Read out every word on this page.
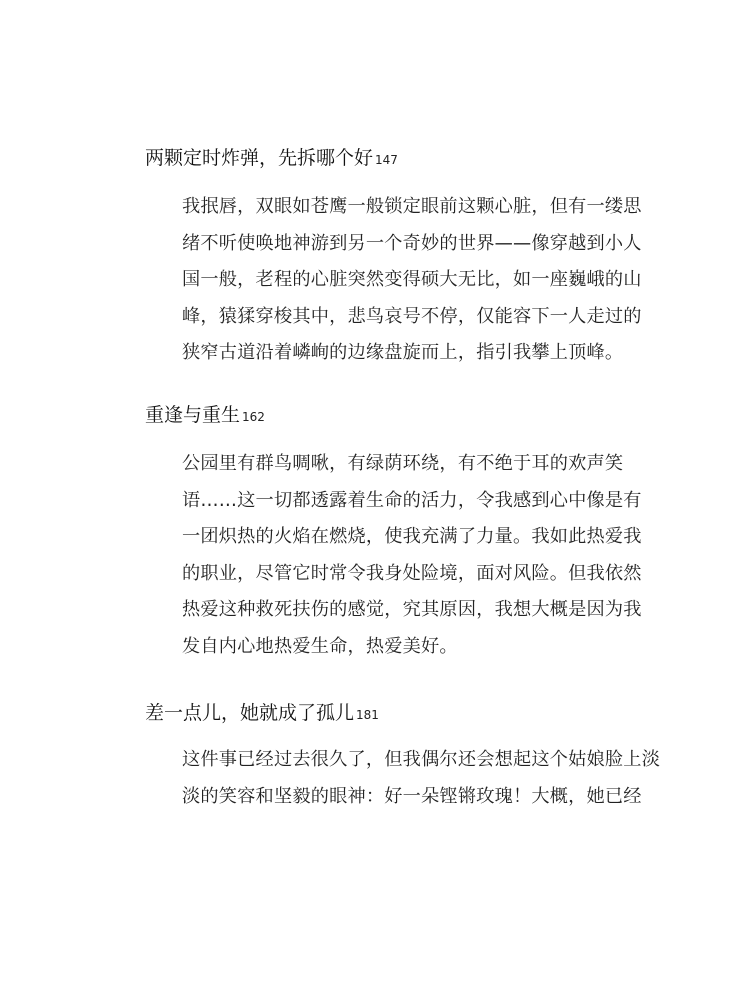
两颗定时炸弹，先拆哪个好 147

我抿唇，双眼如苍鹰一般锁定眼前这颗心脏，但有一缕思
绪不听使唤地神游到另一个奇妙的世界——像穿越到小人
国一般，老程的心脏突然变得硕大无比，如一座巍峨的山
峰，猿猱穿梭其中，悲鸟哀号不停，仅能容下一人走过的
狭窄古道沿着嶙峋的边缘盘旋而上，指引我攀上顶峰。

重逢与重生 162

公园里有群鸟啁啾，有绿荫环绕，有不绝于耳的欢声笑
语……这一切都透露着生命的活力，令我感到心中像是有
一团炽热的火焰在燃烧，使我充满了力量。我如此热爱我
的职业，尽管它时常令我身处险境，面对风险。但我依然
热爱这种救死扶伤的感觉，究其原因，我想大概是因为我
发自内心地热爱生命，热爱美好。

差一点儿，她就成了孤儿 181

这件事已经过去很久了，但我偶尔还会想起这个姑娘脸上淡
淡的笑容和坚毅的眼神：好一朵铿锵玫瑰！大概，她已经
